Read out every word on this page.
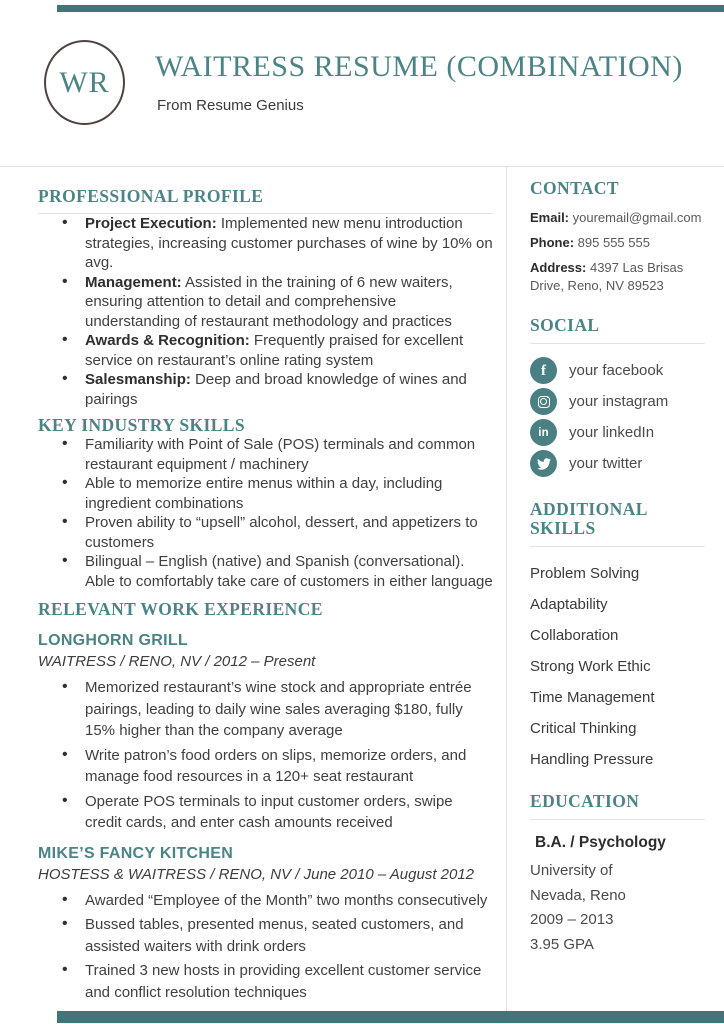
WR WAITRESS RESUME (COMBINATION)
From Resume Genius
PROFESSIONAL PROFILE
• Project Execution: Implemented new menu introduction strategies, increasing customer purchases of wine by 10% on avg.
• Management: Assisted in the training of 6 new waiters, ensuring attention to detail and comprehensive understanding of restaurant methodology and practices
• Awards & Recognition: Frequently praised for excellent service on restaurant’s online rating system
• Salesmanship: Deep and broad knowledge of wines and pairings
KEY INDUSTRY SKILLS
• Familiarity with Point of Sale (POS) terminals and common restaurant equipment / machinery
• Able to memorize entire menus within a day, including ingredient combinations
• Proven ability to “upsell” alcohol, dessert, and appetizers to customers
• Bilingual – English (native) and Spanish (conversational). Able to comfortably take care of customers in either language
RELEVANT WORK EXPERIENCE
LONGHORN GRILL
WAITRESS / RENO, NV / 2012 – Present
• Memorized restaurant’s wine stock and appropriate entrée pairings, leading to daily wine sales averaging $180, fully 15% higher than the company average
• Write patron’s food orders on slips, memorize orders, and manage food resources in a 120+ seat restaurant
• Operate POS terminals to input customer orders, swipe credit cards, and enter cash amounts received
MIKE’S FANCY KITCHEN
HOSTESS & WAITRESS / RENO, NV / June 2010 – August 2012
• Awarded “Employee of the Month” two months consecutively
• Bussed tables, presented menus, seated customers, and assisted waiters with drink orders
• Trained 3 new hosts in providing excellent customer service and conflict resolution techniques
CONTACT
Email: youremail@gmail.com
Phone: 895 555 555
Address: 4397 Las Brisas Drive, Reno, NV 89523
SOCIAL
f your facebook
your instagram
in your linkedIn
your twitter
ADDITIONAL SKILLS
Problem Solving
Adaptability
Collaboration
Strong Work Ethic
Time Management
Critical Thinking
Handling Pressure
EDUCATION
B.A. / Psychology
University of
Nevada, Reno
2009 – 2013
3.95 GPA
